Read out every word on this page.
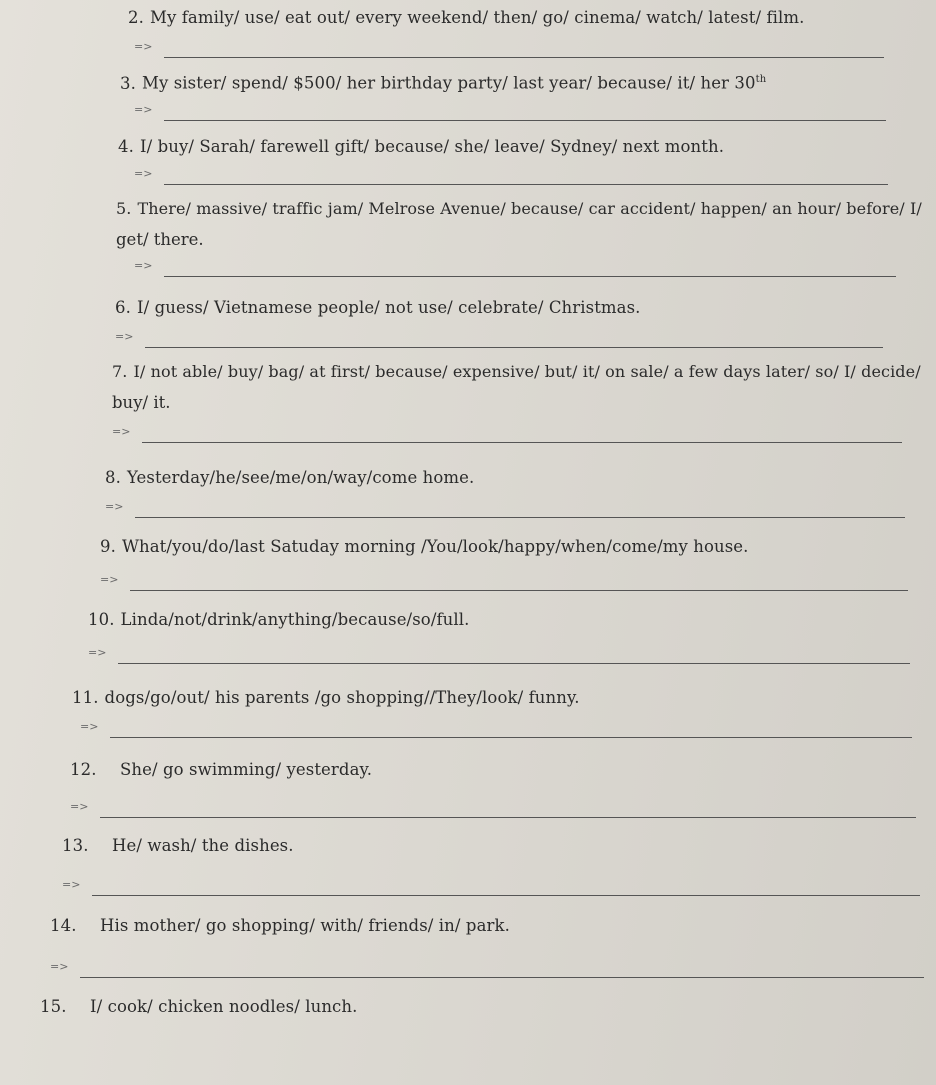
2. My family/ use/ eat out/ every weekend/ then/ go/ cinema/ watch/ latest/ film.
=>
3. My sister/ spend/ $500/ her birthday party/ last year/ because/ it/ her 30th
=>
4. I/ buy/ Sarah/ farewell gift/ because/ she/ leave/ Sydney/ next month.
=>
5. There/ massive/ traffic jam/ Melrose Avenue/ because/ car accident/ happen/ an hour/ before/ I/
get/ there.
=>
6. I/ guess/ Vietnamese people/ not use/ celebrate/ Christmas.
=>
7. I/ not able/ buy/ bag/ at first/ because/ expensive/ but/ it/ on sale/ a few days later/ so/ I/ decide/
buy/ it.
=>
8. Yesterday/he/see/me/on/way/come home.
=>
9. What/you/do/last Satuday morning /You/look/happy/when/come/my house.
=>
10. Linda/not/drink/anything/because/so/full.
=>
11. dogs/go/out/ his parents /go shopping//They/look/ funny.
=>
12. She/ go swimming/ yesterday.
=>
13. He/ wash/ the dishes.
=>
14. His mother/ go shopping/ with/ friends/ in/ park.
=>
15. I/ cook/ chicken noodles/ lunch.
